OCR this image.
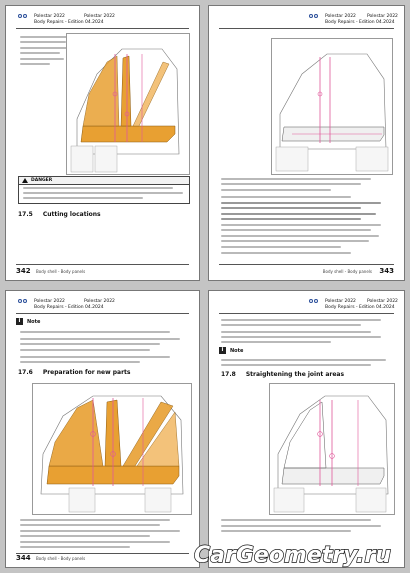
Polestar 2022	Polestar 2022
Body Repairs - Edition 04.2024
DANGER
17.5 Cutting locations
342 Body shell - Body panels
Polestar 2022 Polestar 2022
Body Repairs - Edition 04.2024
343
Body shell - Body panels
Polestar 2022	Polestar 2022
Body Repairs - Edition 04.2024
i Note
17.6 Preparation for new parts
344 Body shell - Body panels
Polestar 2022 Polestar 2022
Body Repairs - Edition 04.2024
i Note
17.8 Straightening the joint areas
CarGeometry
.ru
